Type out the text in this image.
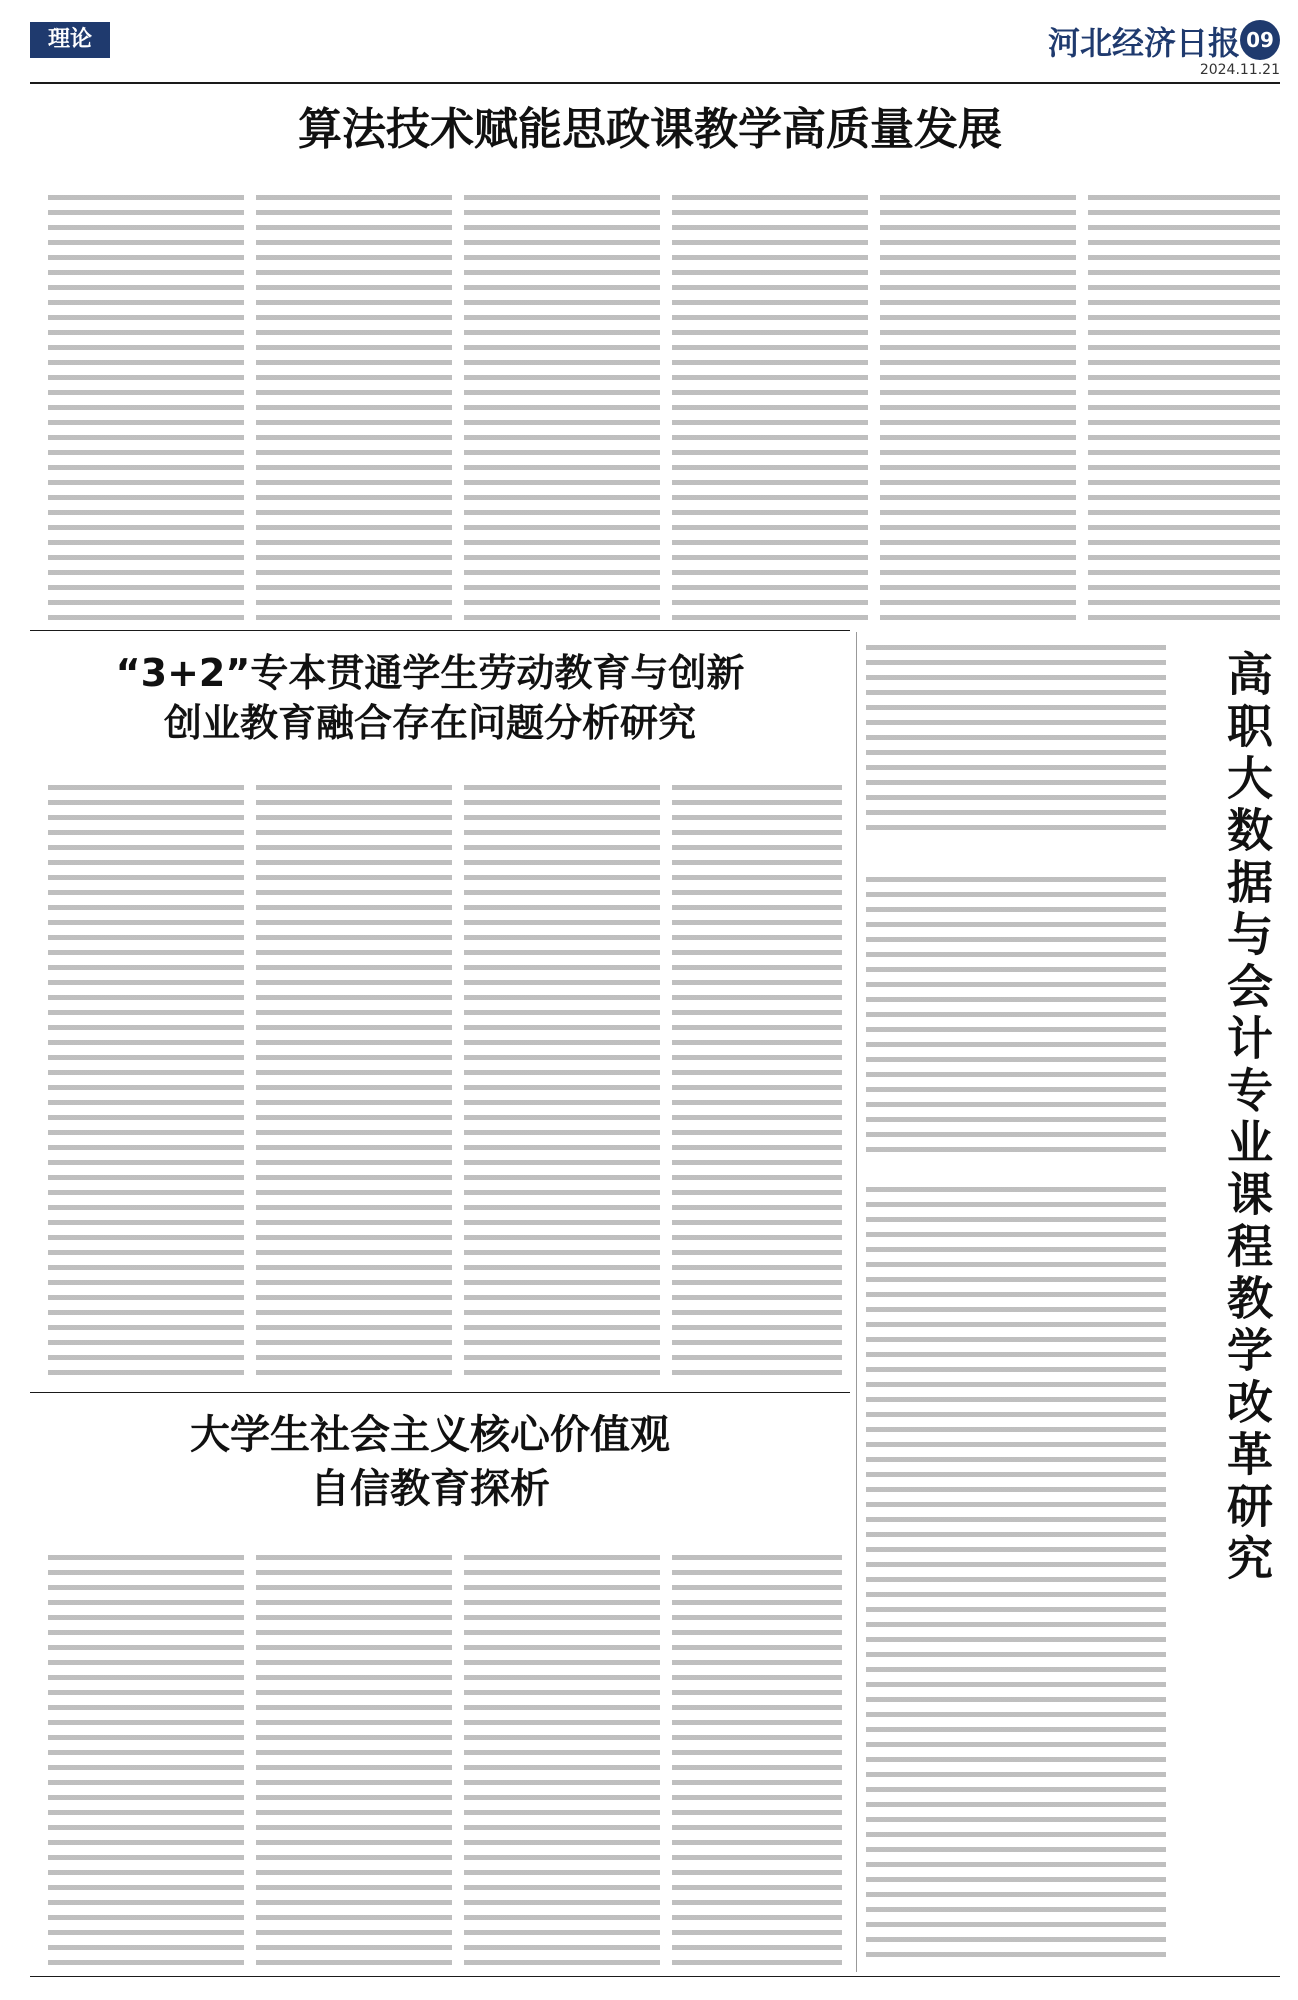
理论	河北经济日报 09
2024.11.21
算法技术赋能思政课教学高质量发展
“3+2”专本贯通学生劳动教育与创新
创业教育融合存在问题分析研究
大学生社会主义核心价值观
自信教育探析	高职大数据与会计专业课程教学改革研究
